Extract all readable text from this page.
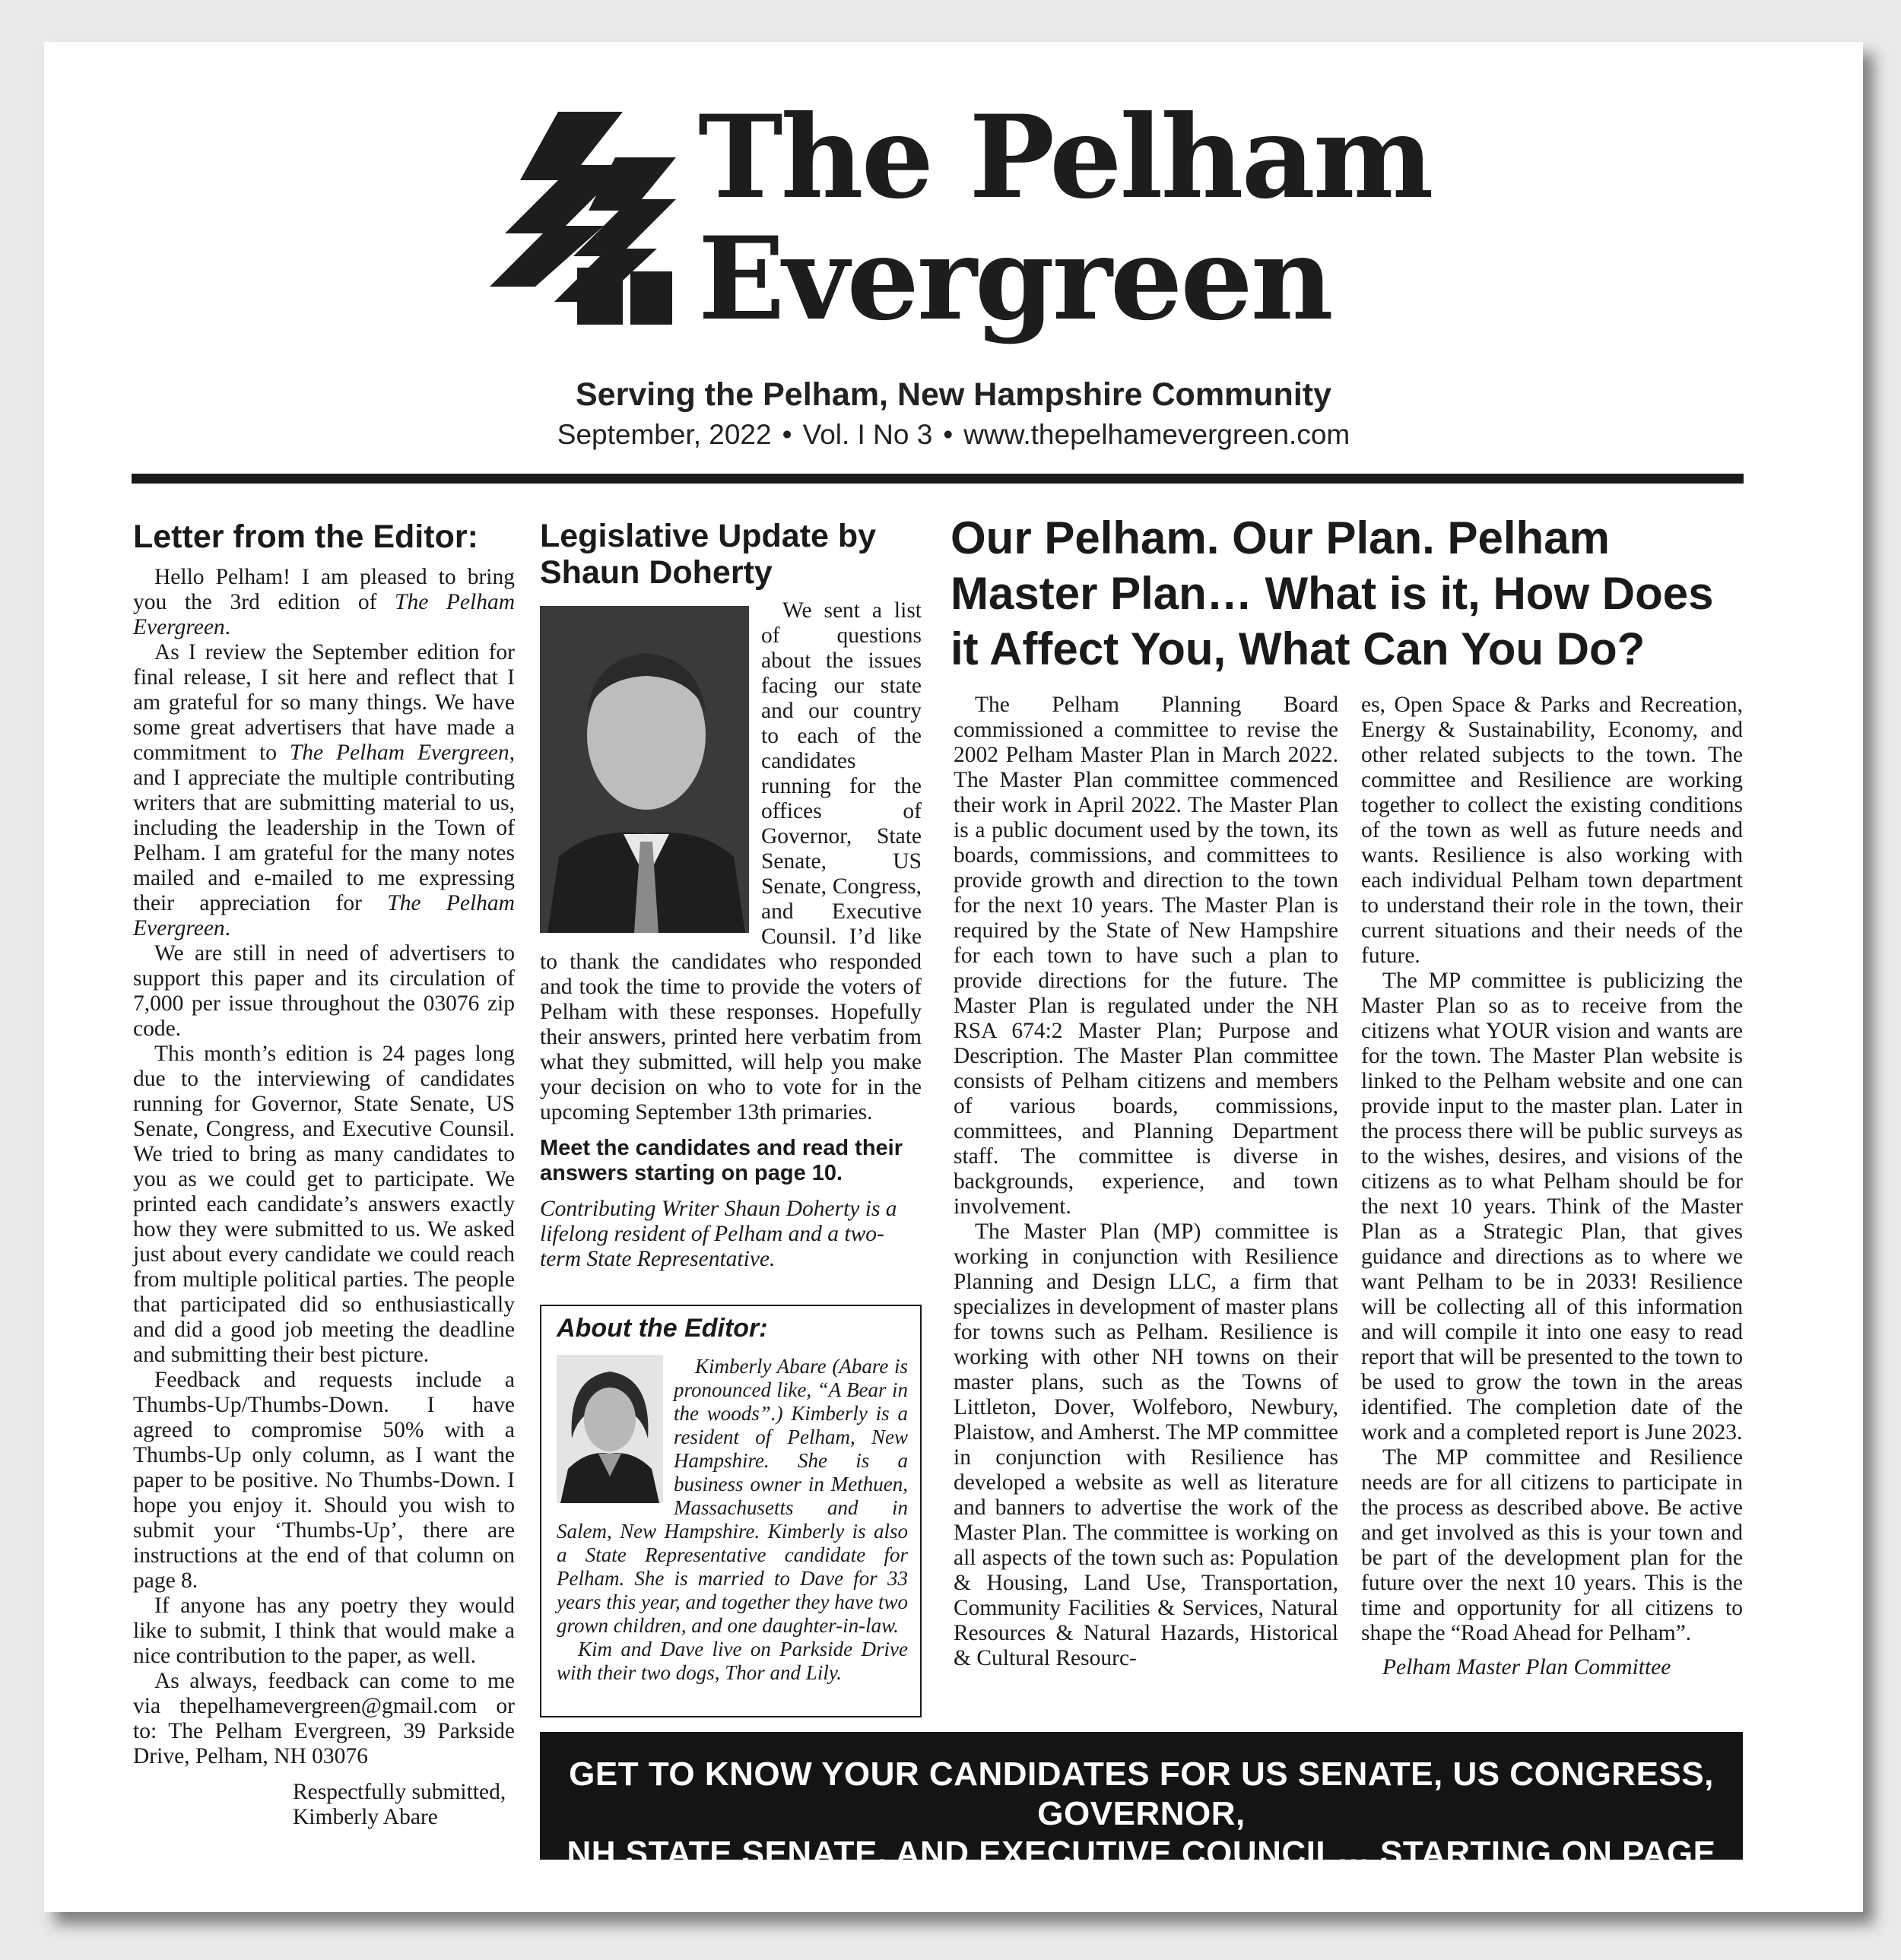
The Pelham
Evergreen
Serving the Pelham, New Hampshire Community
September, 2022 • Vol. I No 3 • www.thepelhamevergreen.com
Letter from the Editor:

Hello Pelham! I am pleased to bring you the 3rd edition of The Pelham Evergreen.

As I review the September edition for final release, I sit here and reflect that I am grateful for so many things. We have some great advertisers that have made a commitment to The Pelham Evergreen, and I appreciate the multiple contributing writers that are submitting material to us, including the leadership in the Town of Pelham. I am grateful for the many notes mailed and e-mailed to me expressing their appreciation for The Pelham Evergreen.

We are still in need of advertisers to support this paper and its circulation of 7,000 per issue throughout the 03076 zip code.

This month’s edition is 24 pages long due to the interviewing of candidates running for Governor, State Senate, US Senate, Congress, and Executive Counsil. We tried to bring as many candidates to you as we could get to participate. We printed each candidate’s answers exactly how they were submitted to us. We asked just about every candidate we could reach from multiple political parties. The people that participated did so enthusiastically and did a good job meeting the deadline and submitting their best picture.

Feedback and requests include a Thumbs-Up/Thumbs-Down. I have agreed to compromise 50% with a Thumbs-Up only column, as I want the paper to be positive. No Thumbs-Down. I hope you enjoy it. Should you wish to submit your ‘Thumbs-Up’, there are instructions at the end of that column on page 8.

If anyone has any poetry they would like to submit, I think that would make a nice contribution to the paper, as well.

As always, feedback can come to me via thepelhamevergreen@gmail.com or to: The Pelham Evergreen, 39 Parkside Drive, Pelham, NH 03076

Respectfully submitted,
Kimberly Abare
Legislative Update by
Shaun Doherty

We sent a list of questions about the issues facing our state and our country to each of the candidates running for the offices of Governor, State Senate, US Senate, Congress, and Executive Counsil. I’d like to thank the candidates who responded and took the time to provide the voters of Pelham with these responses. Hopefully their answers, printed here verbatim from what they submitted, will help you make your decision on who to vote for in the upcoming September 13th primaries.

Meet the candidates and read their answers starting on page 10.
Contributing Writer Shaun Doherty is a lifelong resident of Pelham and a two-term State Representative.
About the Editor:

Kimberly Abare (Abare is pronounced like, “A Bear in the woods”.) Kimberly is a resident of Pelham, New Hampshire. She is a business owner in Methuen, Massachusetts and in Salem, New Hampshire. Kimberly is also a State Representative candidate for Pelham. She is married to Dave for 33 years this year, and together they have two grown children, and one daughter-in-law.

Kim and Dave live on Parkside Drive with their two dogs, Thor and Lily.

Our Pelham. Our Plan. Pelham
Master Plan… What is it, How Does
it Affect You, What Can You Do?

The Pelham Planning Board commissioned a committee to revise the 2002 Pelham Master Plan in March 2022. The Master Plan committee commenced their work in April 2022. The Master Plan is a public document used by the town, its boards, commissions, and committees to provide growth and direction to the town for the next 10 years. The Master Plan is required by the State of New Hampshire for each town to have such a plan to provide directions for the future. The Master Plan is regulated under the NH RSA 674:2 Master Plan; Purpose and Description. The Master Plan committee consists of Pelham citizens and members of various boards, commissions, committees, and Planning Department staff. The committee is diverse in backgrounds, experience, and town involvement.

The Master Plan (MP) committee is working in conjunction with Resilience Planning and Design LLC, a firm that specializes in development of master plans for towns such as Pelham. Resilience is working with other NH towns on their master plans, such as the Towns of Littleton, Dover, Wolfeboro, Newbury, Plaistow, and Amherst. The MP committee in conjunction with Resilience has developed a website as well as literature and banners to advertise the work of the Master Plan. The committee is working on all aspects of the town such as: Population & Housing, Land Use, Transportation, Community Facilities & Services, Natural Resources & Natural Hazards, Historical & Cultural Resourc-

es, Open Space & Parks and Recreation, Energy & Sustainability, Economy, and other related subjects to the town. The committee and Resilience are working together to collect the existing conditions of the town as well as future needs and wants. Resilience is also working with each individual Pelham town department to understand their role in the town, their current situations and their needs of the future.

The MP committee is publicizing the Master Plan so as to receive from the citizens what YOUR vision and wants are for the town. The Master Plan website is linked to the Pelham website and one can provide input to the master plan. Later in the process there will be public surveys as to the wishes, desires, and visions of the citizens as to what Pelham should be for the next 10 years. Think of the Master Plan as a Strategic Plan, that gives guidance and directions as to where we want Pelham to be in 2033! Resilience will be collecting all of this information and will compile it into one easy to read report that will be presented to the town to be used to grow the town in the areas identified. The completion date of the work and a completed report is June 2023.

The MP committee and Resilience needs are for all citizens to participate in the process as described above. Be active and get involved as this is your town and be part of the development plan for the future over the next 10 years. This is the time and opportunity for all citizens to shape the “Road Ahead for Pelham”.

Pelham Master Plan Committee

GET TO KNOW YOUR CANDIDATES FOR US SENATE, US CONGRESS, GOVERNOR,
NH STATE SENATE, AND EXECUTIVE COUNCIL… STARTING ON PAGE 10.
